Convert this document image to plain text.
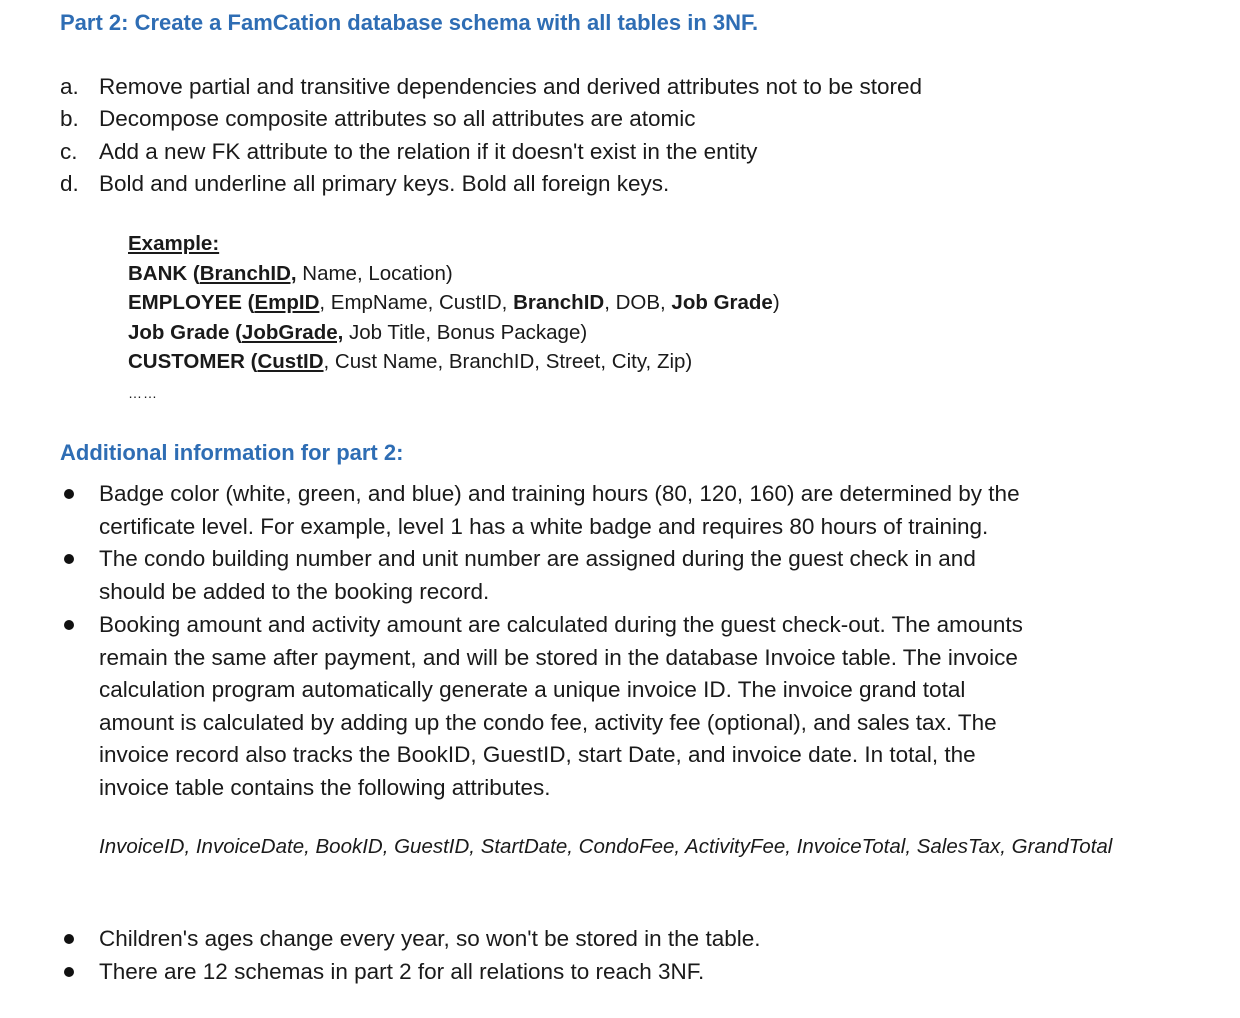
Part 2: Create a FamCation database schema with all tables in 3NF.
a. Remove partial and transitive dependencies and derived attributes not to be stored
b. Decompose composite attributes so all attributes are atomic
c. Add a new FK attribute to the relation if it doesn't exist in the entity
d. Bold and underline all primary keys. Bold all foreign keys.
Example:
BANK (BranchID, Name, Location)
EMPLOYEE (EmpID, EmpName, CustID, BranchID, DOB, Job Grade)
Job Grade (JobGrade, Job Title, Bonus Package)
CUSTOMER (CustID, Cust Name, BranchID, Street, City, Zip)
……
Additional information for part 2:
Badge color (white, green, and blue) and training hours (80, 120, 160) are determined by the
certificate level. For example, level 1 has a white badge and requires 80 hours of training.
The condo building number and unit number are assigned during the guest check in and
should be added to the booking record.
Booking amount and activity amount are calculated during the guest check-out. The amounts
remain the same after payment, and will be stored in the database Invoice table. The invoice
calculation program automatically generate a unique invoice ID. The invoice grand total
amount is calculated by adding up the condo fee, activity fee (optional), and sales tax. The
invoice record also tracks the BookID, GuestID, start Date, and invoice date. In total, the
invoice table contains the following attributes.
Children's ages change every year, so won't be stored in the table.
There are 12 schemas in part 2 for all relations to reach 3NF.
InvoiceID, InvoiceDate, BookID, GuestID, StartDate, CondoFee, ActivityFee, InvoiceTotal, SalesTax, GrandTotal
